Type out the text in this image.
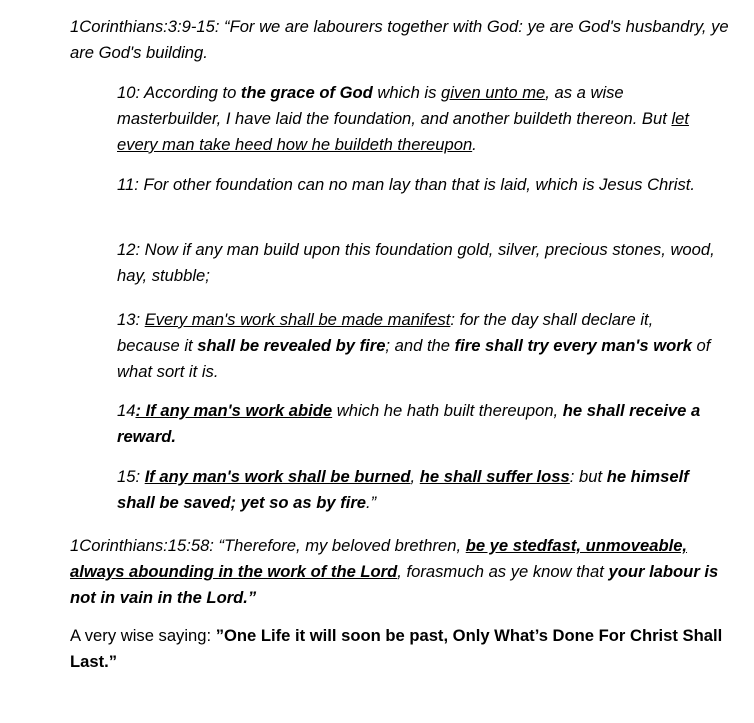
1Corinthians:3:9-15: “For we are labourers together with God: ye are God's husbandry, ye are God's building.

10: According to the grace of God which is given unto me, as a wise masterbuilder, I have laid the foundation, and another buildeth thereon. But let every man take heed how he buildeth thereupon.

11: For other foundation can no man lay than that is laid, which is Jesus Christ.

12: Now if any man build upon this foundation gold, silver, precious stones, wood, hay, stubble;

13: Every man's work shall be made manifest: for the day shall declare it, because it shall be revealed by fire; and the fire shall try every man's work of what sort it is.

14: If any man's work abide which he hath built thereupon, he shall receive a reward.

15: If any man's work shall be burned, he shall suffer loss: but he himself shall be saved; yet so as by fire.”

1Corinthians:15:58: “Therefore, my beloved brethren, be ye stedfast, unmoveable, always abounding in the work of the Lord, forasmuch as ye know that your labour is not in vain in the Lord.”

A very wise saying: ”One Life it will soon be past, Only What’s Done For Christ Shall Last.”
